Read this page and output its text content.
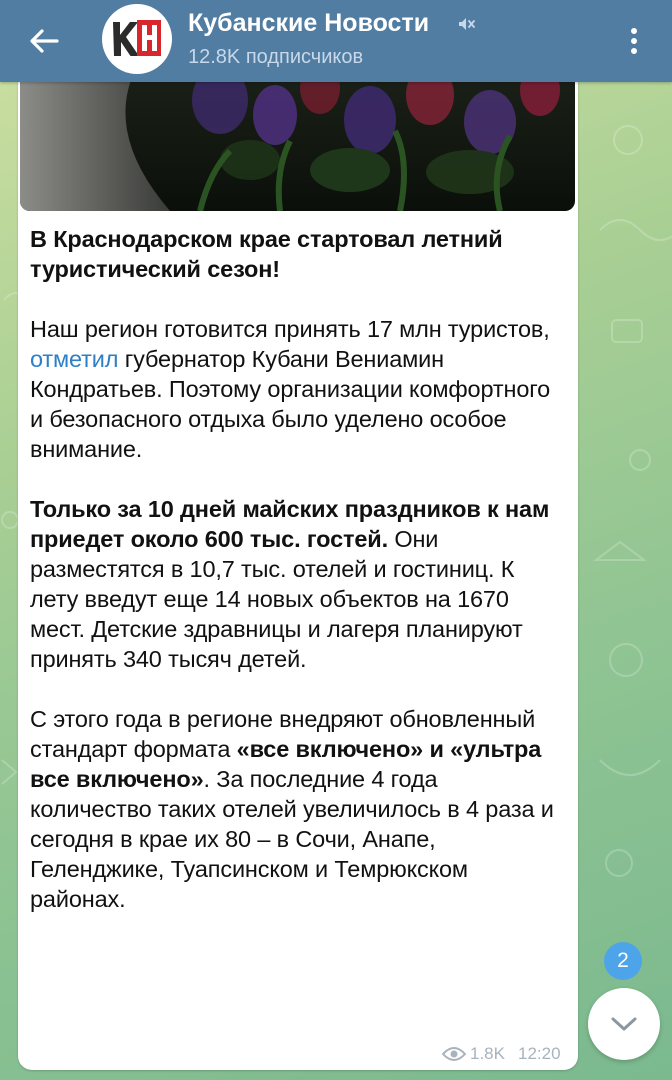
Кубанские Новости
12.8K подписчиков

В Краснодарском крае стартовал летний туристический сезон!

Наш регион готовится принять 17 млн туристов, отметил губернатор Кубани Вениамин Кондратьев. Поэтому организации комфортного и безопасного отдыха было уделено особое внимание.

Только за 10 дней майских праздников к нам приедет около 600 тыс. гостей. Они разместятся в 10,7 тыс. отелей и гостиниц. К лету введут еще 14 новых объектов на 1670 мест. Детские здравницы и лагеря планируют принять 340 тысяч детей.

С этого года в регионе внедряют обновленный стандарт формата «все включено» и «ультра все включено». За последние 4 года количество таких отелей увеличилось в 4 раза и сегодня в крае их 80 – в Сочи, Анапе, Геленджике, Туапсинском и Темрюкском районах.

1.8K 12:20
2
